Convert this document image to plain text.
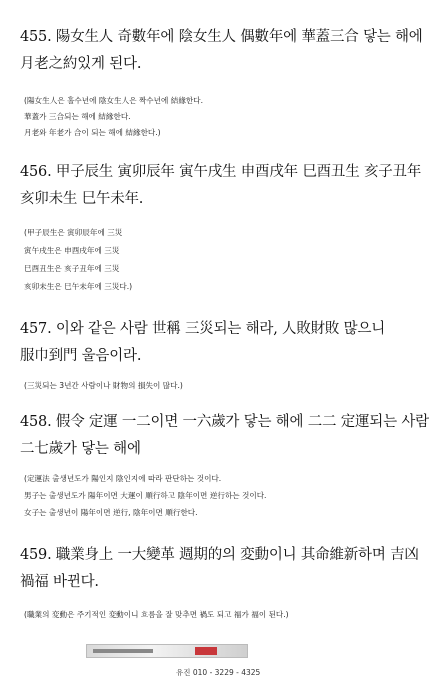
455. 陽女生人 奇數年에 陰女生人 偶數年에 華蓋三合 닿는 해에

月老之約있게 된다.

(陽女生人은 홀수년에 陰女生人은 짝수년에 結緣한다.

華蓋가 三合되는 해에 結緣한다.

月老와 年老가 合이 되는 해에 結緣한다.)

456. 甲子辰生 寅卯辰年 寅午戌生 申酉戌年 巳酉丑生 亥子丑年

亥卯未生 巳午未年.

(甲子辰生은 寅卯辰年에 三災

寅午戌生은 申酉戌年에 三災

巳酉丑生은 亥子丑年에 三災

亥卯未生은 巳午未年에 三災다.)

457. 이와 같은 사람 世稱 三災되는 해라, 人敗財敗 많으니

服巾到門 울음이라.

(三災되는 3년간 사람이나 財物의 損失이 많다.)

458. 假令 定運 一二이면 一六歲가 닿는 해에 二二 定運되는 사람

二七歲가 닿는 해에

(定運法 출생년도가 陽인지 陰인지에 따라 판단하는 것이다.

男子는 출생년도가 陽年이면 大運이 順行하고 陰年이면 逆行하는 것이다.

女子는 출생년이 陽年이면 逆行, 陰年이면 順行한다.

459. 職業身上 一大變革 週期的의 変動이니 其命維新하며 吉凶

禍福 바뀐다.

(職業의 変動은 주기적인 変動이니 흐름을 잘 맞추면 禍도 되고 福가 福이 된다.)

유진 010 - 3229 - 4325
